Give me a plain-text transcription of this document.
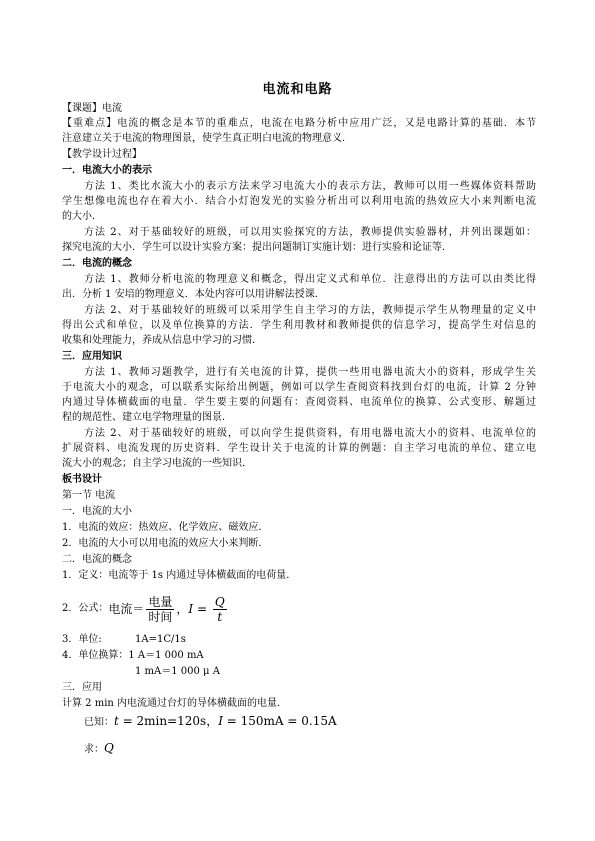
电流和电路
【课题】电流
【重难点】电流的概念是本节的重难点，电流在电路分析中应用广泛，又是电路计算的基础．本节
注意建立关于电流的物理图景，使学生真正明白电流的物理意义．
【教学设计过程】
一．电流大小的表示
方法 1、类比水流大小的表示方法来学习电流大小的表示方法，教师可以用一些媒体资料帮助
学生想像电流也存在着大小．结合小灯泡发光的实验分析出可以利用电流的热效应大小来判断电流
的大小．
方法 2、对于基础较好的班级，可以用实验探究的方法，教师提供实验器材，并列出课题如：
探究电流的大小．学生可以设计实验方案：提出问题制订实施计划：进行实验和论证等．
二．电流的概念
方法 1、教师分析电流的物理意义和概念，得出定义式和单位．注意得出的方法可以由类比得
出．分析 1 安培的物理意义．本处内容可以用讲解法授课．
方法 2、对于基础较好的班级可以采用学生自主学习的方法，教师提示学生从物理量的定义中
得出公式和单位，以及单位换算的方法．学生利用教材和教师提供的信息学习，提高学生对信息的
收集和处理能力，养成从信息中学习的习惯．
三．应用知识
方法 1、教师习题教学，进行有关电流的计算，提供一些用电器电流大小的资料，形成学生关
于电流大小的观念，可以联系实际给出例题，例如可以学生查阅资料找到台灯的电流，计算 2 分钟
内通过导体横截面的电量．学生要主要的问题有：查阅资料、电流单位的换算、公式变形、解题过
程的规范性、建立电学物理量的图景．
方法 2、对于基础较好的班级，可以向学生提供资料，有用电器电流大小的资料、电流单位的
扩展资料、电流发现的历史资料．学生设计关于电流的计算的例题：自主学习电流的单位、建立电
流大小的观念；自主学习电流的一些知识．
板书设计
第一节 电流
一．电流的大小
1．电流的效应：热效应、化学效应、磁效应．
2．电流的大小可以用电流的效应大小来判断．
二．电流的概念
1．定义：电流等于 1s 内通过导体横截面的电荷量．
2．公式： 电流＝ $\frac{\text{电量}}{\text{时间}}$ ， $I = \frac{Q}{t}$
3．单位:	1A=1C/1s
4．单位换算：1 A＝1 000 mA
1 mA＝1 000 μ A
三．应用
计算 2 min 内电流通过台灯的导体横截面的电量．
已知：t = 2min=120s，I = 150mA = 0.15A
求：Q
